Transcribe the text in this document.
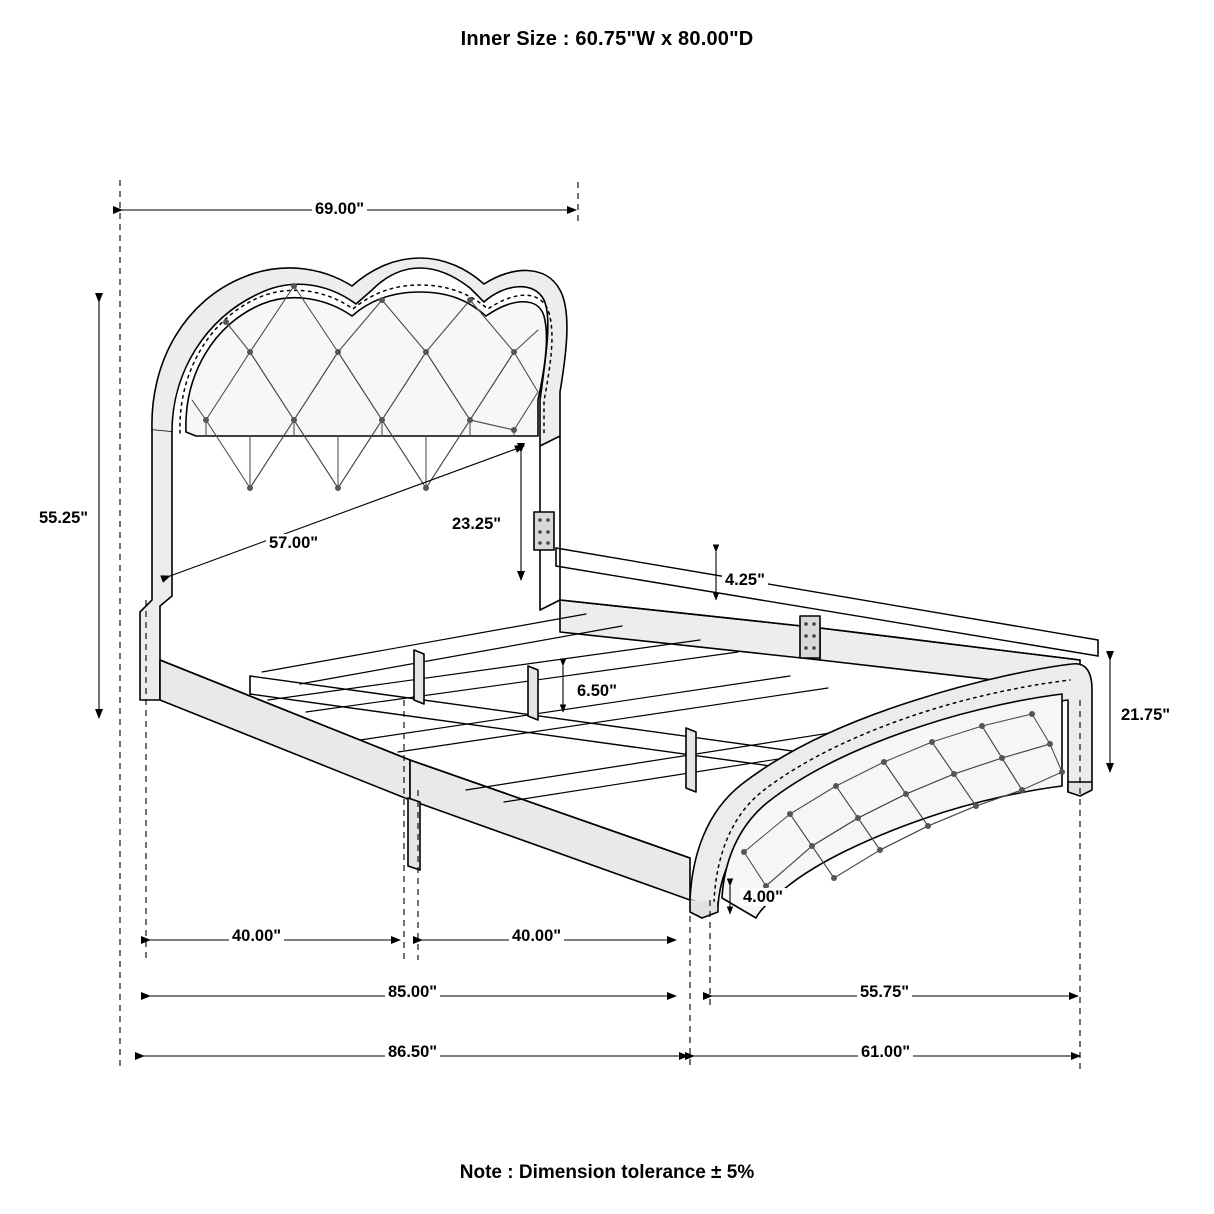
Inner Size : 60.75"W x 80.00"D
69.00"
55.25"
57.00"
23.25"
4.25"
6.50"
21.75"
4.00"
40.00"	40.00"
85.00"	55.75"
86.50"	61.00"
Note : Dimension tolerance ± 5%
